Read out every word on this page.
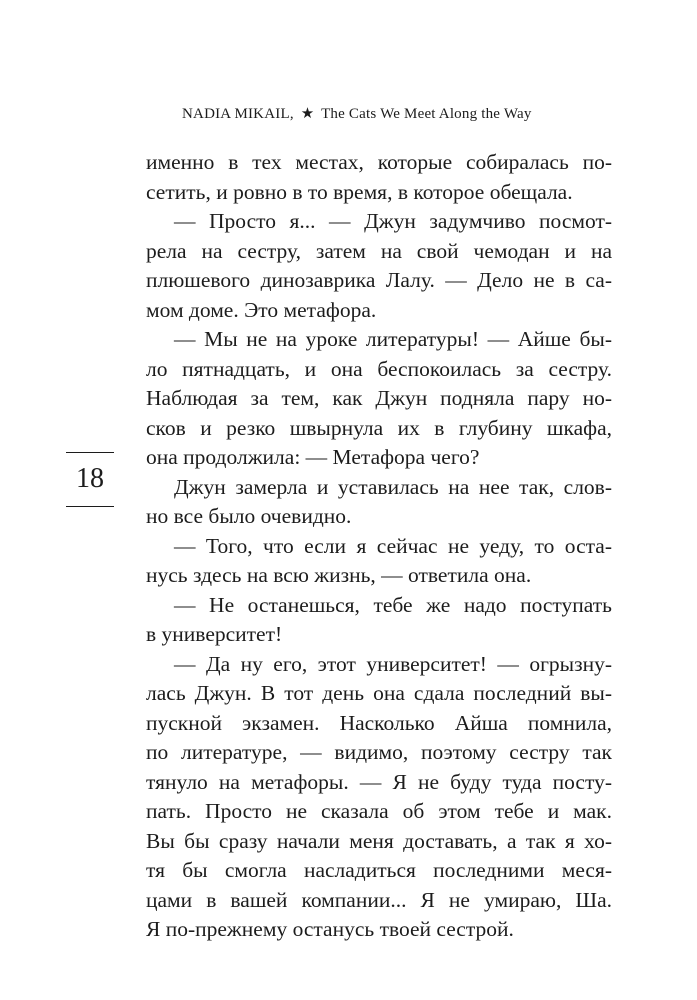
NADIA MIKAIL, ★ The Cats We Meet Along the Way
18
именно в тех местах, которые собиралась по-
сетить, и ровно в то время, в которое обещала.
— Просто я... — Джун задумчиво посмот-
рела на сестру, затем на свой чемодан и на
плюшевого динозаврика Лалу. — Дело не в са-
мом доме. Это метафора.
— Мы не на уроке литературы! — Айше бы-
ло пятнадцать, и она беспокоилась за сестру.
Наблюдая за тем, как Джун подняла пару но-
сков и резко швырнула их в глубину шкафа,
она продолжила: — Метафора чего?
Джун замерла и уставилась на нее так, слов-
но все было очевидно.
— Того, что если я сейчас не уеду, то оста-
нусь здесь на всю жизнь, — ответила она.
— Не останешься, тебе же надо поступать
в университет!
— Да ну его, этот университет! — огрызну-
лась Джун. В тот день она сдала последний вы-
пускной экзамен. Насколько Айша помнила,
по литературе, — видимо, поэтому сестру так
тянуло на метафоры. — Я не буду туда посту-
пать. Просто не сказала об этом тебе и мак.
Вы бы сразу начали меня доставать, а так я хо-
тя бы смогла насладиться последними меся-
цами в вашей компании... Я не умираю, Ша.
Я по-прежнему останусь твоей сестрой.
